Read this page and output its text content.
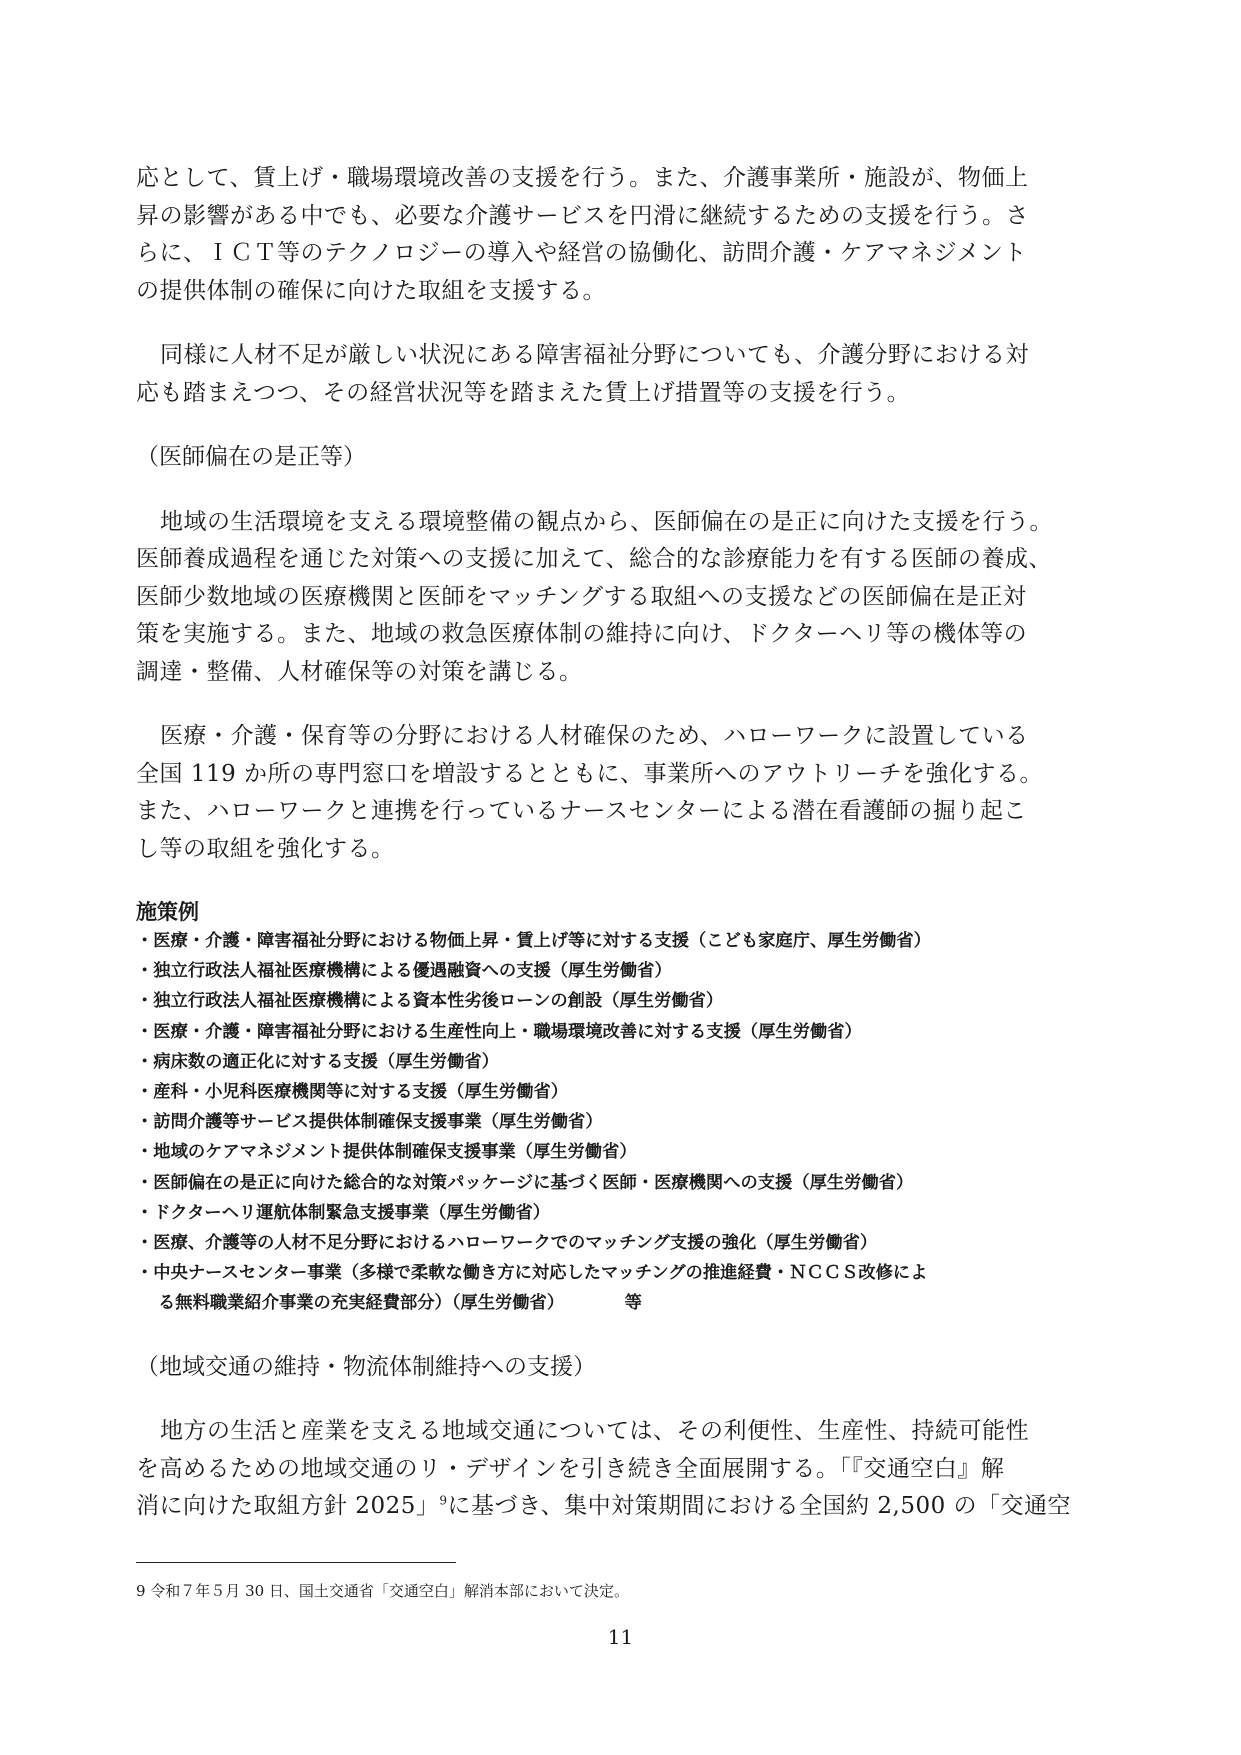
応として、賃上げ・職場環境改善の支援を行う。また、介護事業所・施設が、物価上
昇の影響がある中でも、必要な介護サービスを円滑に継続するための支援を行う。さ
らに、ＩＣＴ等のテクノロジーの導入や経営の協働化、訪問介護・ケアマネジメント
の提供体制の確保に向けた取組を支援する。

同様に人材不足が厳しい状況にある障害福祉分野についても、介護分野における対
応も踏まえつつ、その経営状況等を踏まえた賃上げ措置等の支援を行う。

（医師偏在の是正等）

地域の生活環境を支える環境整備の観点から、医師偏在の是正に向けた支援を行う。
医師養成過程を通じた対策への支援に加えて、総合的な診療能力を有する医師の養成、
医師少数地域の医療機関と医師をマッチングする取組への支援などの医師偏在是正対
策を実施する。また、地域の救急医療体制の維持に向け、ドクターヘリ等の機体等の
調達・整備、人材確保等の対策を講じる。

医療・介護・保育等の分野における人材確保のため、ハローワークに設置している
全国 119 か所の専門窓口を増設するとともに、事業所へのアウトリーチを強化する。
また、ハローワークと連携を行っているナースセンターによる潜在看護師の掘り起こ
し等の取組を強化する。

施策例

・医療・介護・障害福祉分野における物価上昇・賃上げ等に対する支援（こども家庭庁、厚生労働省）
・独立行政法人福祉医療機構による優遇融資への支援（厚生労働省）
・独立行政法人福祉医療機構による資本性劣後ローンの創設（厚生労働省）
・医療・介護・障害福祉分野における生産性向上・職場環境改善に対する支援（厚生労働省）
・病床数の適正化に対する支援（厚生労働省）
・産科・小児科医療機関等に対する支援（厚生労働省）
・訪問介護等サービス提供体制確保支援事業（厚生労働省）
・地域のケアマネジメント提供体制確保支援事業（厚生労働省）
・医師偏在の是正に向けた総合的な対策パッケージに基づく医師・医療機関への支援（厚生労働省）
・ドクターヘリ運航体制緊急支援事業（厚生労働省）
・医療、介護等の人材不足分野におけるハローワークでのマッチング支援の強化（厚生労働省）
・中央ナースセンター事業（多様で柔軟な働き方に対応したマッチングの推進経費・ＮＣＣＳ改修によ
る無料職業紹介事業の充実経費部分）（厚生労働省）　　　　等

（地域交通の維持・物流体制維持への支援）

地方の生活と産業を支える地域交通については、その利便性、生産性、持続可能性
を高めるための地域交通のリ・デザインを引き続き全面展開する。「『交通空白』解
消に向けた取組方針 2025」$^9$に基づき、集中対策期間における全国約 2,500 の「交通空

9 令和７年５月 30 日、国土交通省「交通空白」解消本部において決定。

11
